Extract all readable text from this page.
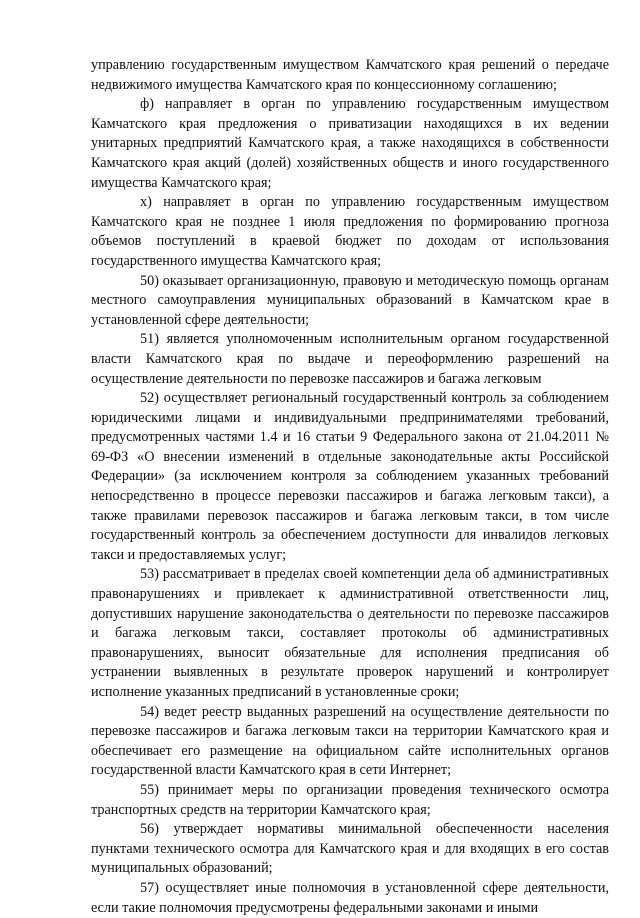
управлению государственным имуществом Камчатского края решений о передаче недвижимого имущества Камчатского края по концессионному соглашению;

ф) направляет в орган по управлению государственным имуществом Камчатского края предложения о приватизации находящихся в их ведении унитарных предприятий Камчатского края, а также находящихся в собственности Камчатского края акций (долей) хозяйственных обществ и иного государственного имущества Камчатского края;

х) направляет в орган по управлению государственным имуществом Камчатского края не позднее 1 июля предложения по формированию прогноза объемов поступлений в краевой бюджет по доходам от использования государственного имущества Камчатского края;

50) оказывает организационную, правовую и методическую помощь органам местного самоуправления муниципальных образований в Камчатском крае в установленной сфере деятельности;

51) является уполномоченным исполнительным органом государственной власти Камчатского края по выдаче и переоформлению разрешений на осуществление деятельности по перевозке пассажиров и багажа легковым

52) осуществляет региональный государственный контроль за соблюдением юридическими лицами и индивидуальными предпринимателями требований, предусмотренных частями 1.4 и 16 статьи 9 Федерального закона от 21.04.2011 № 69-ФЗ «О внесении изменений в отдельные законодательные акты Российской Федерации» (за исключением контроля за соблюдением указанных требований непосредственно в процессе перевозки пассажиров и багажа легковым такси), а также правилами перевозок пассажиров и багажа легковым такси, в том числе государственный контроль за обеспечением доступности для инвалидов легковых такси и предоставляемых услуг;

53) рассматривает в пределах своей компетенции дела об административных правонарушениях и привлекает к административной ответственности лиц, допустивших нарушение законодательства о деятельности по перевозке пассажиров и багажа легковым такси, составляет протоколы об административных правонарушениях, выносит обязательные для исполнения предписания об устранении выявленных в результате проверок нарушений и контролирует исполнение указанных предписаний в установленные сроки;

54) ведет реестр выданных разрешений на осуществление деятельности по перевозке пассажиров и багажа легковым такси на территории Камчатского края и обеспечивает его размещение на официальном сайте исполнительных органов государственной власти Камчатского края в сети Интернет;

55) принимает меры по организации проведения технического осмотра транспортных средств на территории Камчатского края;

56) утверждает нормативы минимальной обеспеченности населения пунктами технического осмотра для Камчатского края и для входящих в его состав муниципальных образований;

57) осуществляет иные полномочия в установленной сфере деятельности, если такие полномочия предусмотрены федеральными законами и иными
